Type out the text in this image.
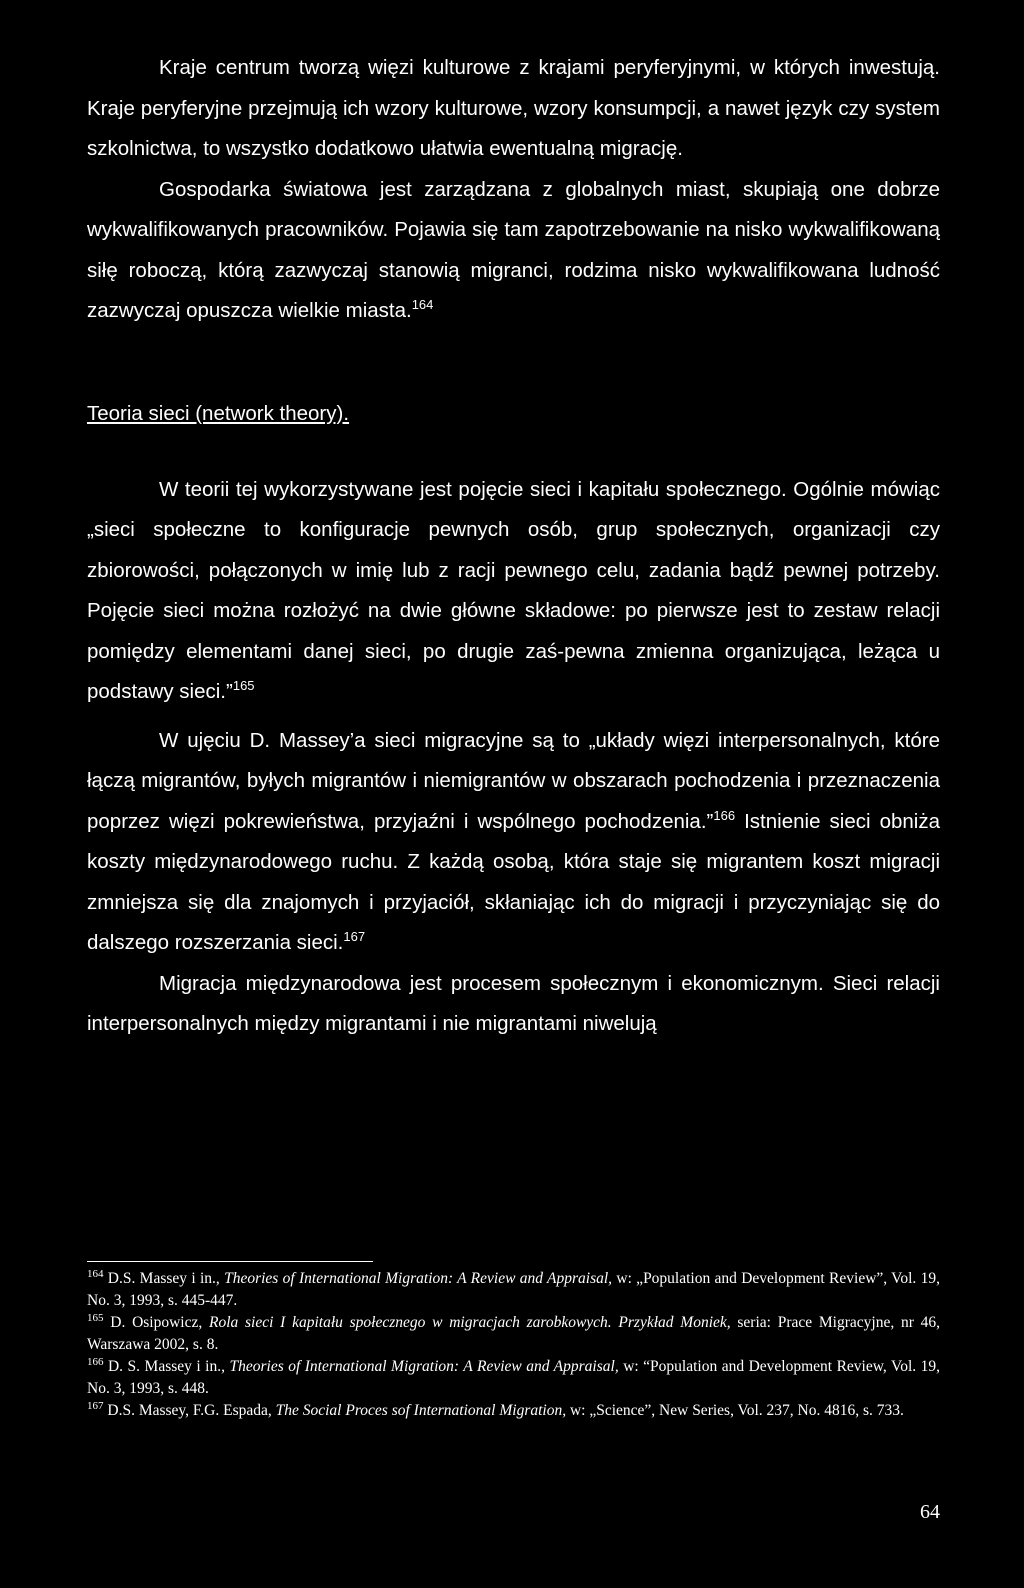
Kraje centrum tworzą więzi kulturowe z krajami peryferyjnymi, w których inwestują. Kraje peryferyjne przejmują ich wzory kulturowe, wzory konsumpcji, a nawet język czy system szkolnictwa, to wszystko dodatkowo ułatwia ewentualną migrację.

Gospodarka światowa jest zarządzana z globalnych miast, skupiają one dobrze wykwalifikowanych pracowników. Pojawia się tam zapotrzebowanie na nisko wykwalifikowaną siłę roboczą, którą zazwyczaj stanowią migranci, rodzima nisko wykwalifikowana ludność zazwyczaj opuszcza wielkie miasta.$^{164}$

Teoria sieci (network theory).

W teorii tej wykorzystywane jest pojęcie sieci i kapitału społecznego. Ogólnie mówiąc „sieci społeczne to konfiguracje pewnych osób, grup społecznych, organizacji czy zbiorowości, połączonych w imię lub z racji pewnego celu, zadania bądź pewnej potrzeby. Pojęcie sieci można rozłożyć na dwie główne składowe: po pierwsze jest to zestaw relacji pomiędzy elementami danej sieci, po drugie zaś-pewna zmienna organizująca, leżąca u podstawy sieci.”$^{165}$

W ujęciu D. Massey’a sieci migracyjne są to „układy więzi interpersonalnych, które łączą migrantów, byłych migrantów i niemigrantów w obszarach pochodzenia i przeznaczenia poprzez więzi pokrewieństwa, przyjaźni i wspólnego pochodzenia.”$^{166}$ Istnienie sieci obniża koszty międzynarodowego ruchu. Z każdą osobą, która staje się migrantem koszt migracji zmniejsza się dla znajomych i przyjaciół, skłaniając ich do migracji i przyczyniając się do dalszego rozszerzania sieci.$^{167}$

Migracja międzynarodowa jest procesem społecznym i ekonomicznym. Sieci relacji interpersonalnych między migrantami i nie migrantami niwelują

$^{164}$ D.S. Massey i in., Theories of International Migration: A Review and Appraisal, w: „Population and Development Review”, Vol. 19, No. 3, 1993, s. 445-447.

$^{165}$ D. Osipowicz, Rola sieci I kapitału społecznego w migracjach zarobkowych. Przykład Moniek, seria: Prace Migracyjne, nr 46, Warszawa 2002, s. 8.

$^{166}$ D. S. Massey i in., Theories of International Migration: A Review and Appraisal, w: “Population and Development Review, Vol. 19, No. 3, 1993, s. 448.

$^{167}$ D.S. Massey, F.G. Espada, The Social Proces sof International Migration, w: „Science”, New Series, Vol. 237, No. 4816, s. 733.

64
